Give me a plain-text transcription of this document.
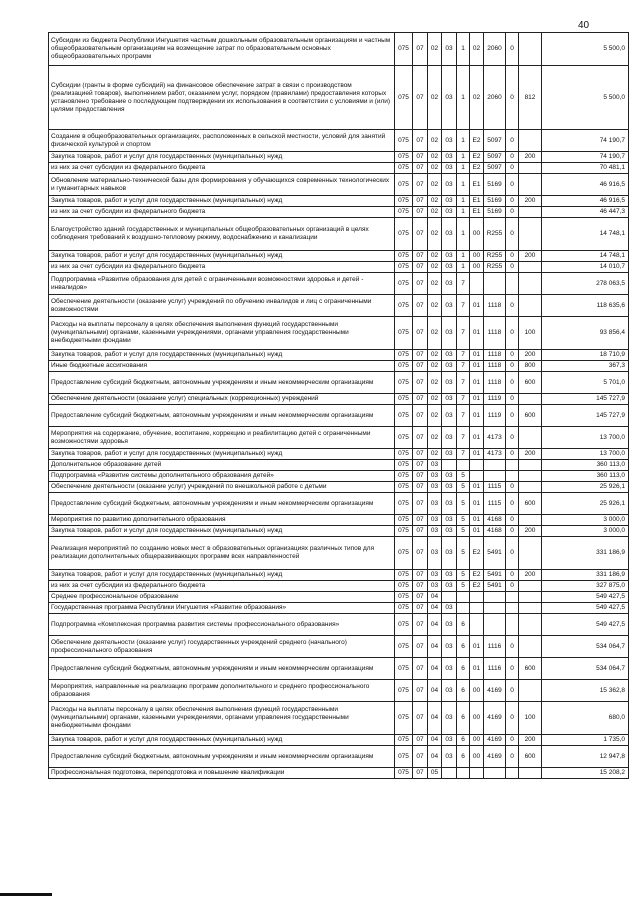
40
Субсидии из бюджета Республики Ингушетия частным дошкольным образовательным организациям и частным общеобразовательным организациям на возмещение затрат по образовательным основных общеобразовательных программ	075	07	02	03	1	02	2060	0		5 500,0
Субсидии (гранты в форме субсидий) на финансовое обеспечение затрат в связи с производством (реализацией товаров), выполнением работ, оказанием услуг, порядком (правилами) предоставления которых установлено требование о последующем подтверждении их использования в соответствии с условиями и (или) целями предоставления	075	07	02	03	1	02	2060	0	812	5 500,0
Создание в общеобразовательных организациях, расположенных в сельской местности, условий для занятий физической культурой и спортом	075	07	02	03	1	E2	5097	0		74 190,7
Закупка товаров, работ и услуг для государственных (муниципальных) нужд	075	07	02	03	1	E2	5097	0	200	74 190,7
из них за счет субсидии из федерального бюджета	075	07	02	03	1	E2	5097	0		70 481,1
Обновление материально-технической базы для формирования у обучающихся современных технологических и гуманитарных навыков	075	07	02	03	1	E1	5169	0		46 916,5
Закупка товаров, работ и услуг для государственных (муниципальных) нужд	075	07	02	03	1	E1	5169	0	200	46 916,5
из них за счет субсидии из федерального бюджета	075	07	02	03	1	E1	5169	0		46 447,3
Благоустройство зданий государственных и муниципальных общеобразовательных организаций в целях соблюдения требований к воздушно-тепловому режиму, водоснабжению и канализации	075	07	02	03	1	00	R255	0		14 748,1
Закупка товаров, работ и услуг для государственных (муниципальных) нужд	075	07	02	03	1	00	R255	0	200	14 748,1
из них за счет субсидии из федерального бюджета	075	07	02	03	1	00	R255	0		14 010,7
Подпрограмма «Развитие образования для детей с ограниченными возможностями здоровья и детей - инвалидов»	075	07	02	03	7					278 063,5
Обеспечение деятельности (оказание услуг) учреждений по обучению инвалидов и лиц с ограниченными возможностями	075	07	02	03	7	01	1118	0		118 635,6
Расходы на выплаты персоналу в целях обеспечения выполнения функций государственными (муниципальными) органами, казенными учреждениями, органами управления государственными внебюджетными фондами	075	07	02	03	7	01	1118	0	100	93 856,4
Закупка товаров, работ и услуг для государственных (муниципальных) нужд	075	07	02	03	7	01	1118	0	200	18 710,9
Иные бюджетные ассигнования	075	07	02	03	7	01	1118	0	800	367,3
Предоставление субсидий бюджетным, автономным учреждениям и иным некоммерческим организациям	075	07	02	03	7	01	1118	0	600	5 701,0
Обеспечение деятельности (оказание услуг) специальных (коррекционных) учреждений	075	07	02	03	7	01	1119	0		145 727,9
Предоставление субсидий бюджетным, автономным учреждениям и иным некоммерческим организациям	075	07	02	03	7	01	1119	0	600	145 727,9
Мероприятия на содержание, обучение, воспитание, коррекцию и реабилитацию детей с ограниченными возможностями здоровья	075	07	02	03	7	01	4173	0		13 700,0
Закупка товаров, работ и услуг для государственных (муниципальных) нужд	075	07	02	03	7	01	4173	0	200	13 700,0
Дополнительное образование детей	075	07	03							360 113,0
Подпрограмма «Развитие системы дополнительного образования детей»	075	07	03	03	5					360 113,0
Обеспечение деятельности (оказание услуг) учреждений по внешкольной работе с детьми	075	07	03	03	5	01	1115	0		25 926,1
Предоставление субсидий бюджетным, автономным учреждениям и иным некоммерческим организациям	075	07	03	03	5	01	1115	0	600	25 926,1
Мероприятия по развитию дополнительного образования	075	07	03	03	5	01	4168	0		3 000,0
Закупка товаров, работ и услуг для государственных (муниципальных) нужд	075	07	03	03	5	01	4168	0	200	3 000,0
Реализация мероприятий по созданию новых мест в образовательных организациях различных типов для реализации дополнительных общеразвивающих программ всех направленностей	075	07	03	03	5	E2	5491	0		331 186,9
Закупка товаров, работ и услуг для государственных (муниципальных) нужд	075	07	03	03	5	E2	5491	0	200	331 186,9
из них за счет субсидии из федерального бюджета	075	07	03	03	5	E2	5491	0		327 875,0
Среднее профессиональное образование	075	07	04							549 427,5
Государственная программа Республики Ингушетия «Развитие образования»	075	07	04	03						549 427,5
Подпрограмма «Комплексная программа развития системы профессионального образования»	075	07	04	03	6					549 427,5
Обеспечение деятельности (оказание услуг) государственных учреждений среднего (начального) профессионального образования	075	07	04	03	6	01	1116	0		534 064,7
Предоставление субсидий бюджетным, автономным учреждениям и иным некоммерческим организациям	075	07	04	03	6	01	1116	0	600	534 064,7
Мероприятия, направленные на реализацию программ дополнительного и среднего профессионального образования	075	07	04	03	6	00	4169	0		15 362,8
Расходы на выплаты персоналу в целях обеспечения выполнения функций государственными (муниципальными) органами, казенными учреждениями, органами управления государственными внебюджетными фондами	075	07	04	03	6	00	4169	0	100	680,0
Закупка товаров, работ и услуг для государственных (муниципальных) нужд	075	07	04	03	6	00	4169	0	200	1 735,0
Предоставление субсидий бюджетным, автономным учреждениям и иным некоммерческим организациям	075	07	04	03	6	00	4169	0	600	12 947,8
Профессиональная подготовка, переподготовка и повышение квалификации	075	07	05							15 208,2
